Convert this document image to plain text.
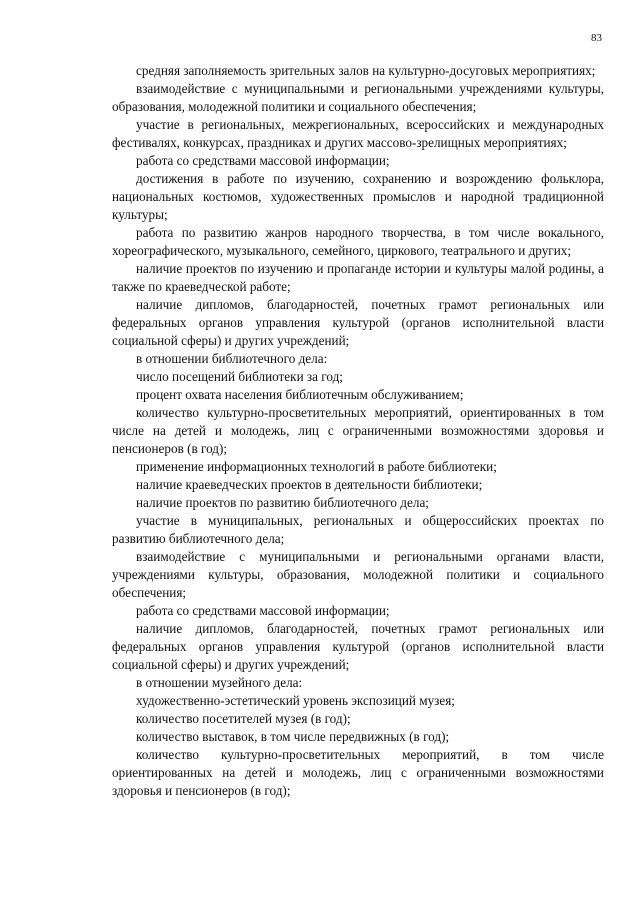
83

средняя заполняемость зрительных залов на культурно-досуговых мероприятиях;

взаимодействие с муниципальными и региональными учреждениями культуры, образования, молодежной политики и социального обеспечения;

участие в региональных, межрегиональных, всероссийских и международных фестивалях, конкурсах, праздниках и других массово-зрелищных мероприятиях;

работа со средствами массовой информации;

достижения в работе по изучению, сохранению и возрождению фольклора, национальных костюмов, художественных промыслов и народной традиционной культуры;

работа по развитию жанров народного творчества, в том числе вокального, хореографического, музыкального, семейного, циркового, театрального и других;

наличие проектов по изучению и пропаганде истории и культуры малой родины, а также по краеведческой работе;

наличие дипломов, благодарностей, почетных грамот региональных или федеральных органов управления культурой (органов исполнительной власти социальной сферы) и других учреждений;

в отношении библиотечного дела:

число посещений библиотеки за год;

процент охвата населения библиотечным обслуживанием;

количество культурно-просветительных мероприятий, ориентированных в том числе на детей и молодежь, лиц с ограниченными возможностями здоровья и пенсионеров (в год);

применение информационных технологий в работе библиотеки;

наличие краеведческих проектов в деятельности библиотеки;

наличие проектов по развитию библиотечного дела;

участие в муниципальных, региональных и общероссийских проектах по развитию библиотечного дела;

взаимодействие с муниципальными и региональными органами власти, учреждениями культуры, образования, молодежной политики и социального обеспечения;

работа со средствами массовой информации;

наличие дипломов, благодарностей, почетных грамот региональных или федеральных органов управления культурой (органов исполнительной власти социальной сферы) и других учреждений;

в отношении музейного дела:

художественно-эстетический уровень экспозиций музея;

количество посетителей музея (в год);

количество выставок, в том числе передвижных (в год);

количество культурно-просветительных мероприятий, в том числе ориентированных на детей и молодежь, лиц с ограниченными возможностями здоровья и пенсионеров (в год);
